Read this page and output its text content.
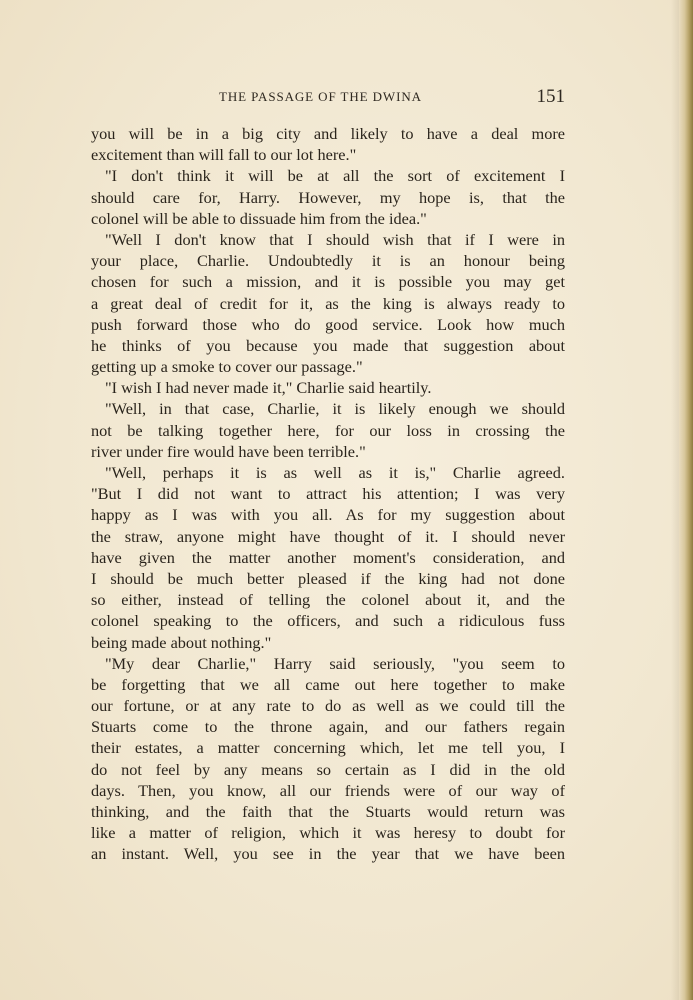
THE PASSAGE OF THE DWINA	151
you will be in a big city and likely to have a deal more
excitement than will fall to our lot here."
"I don't think it will be at all the sort of excitement I
should care for, Harry. However, my hope is, that the
colonel will be able to dissuade him from the idea."
"Well I don't know that I should wish that if I were in
your place, Charlie. Undoubtedly it is an honour being
chosen for such a mission, and it is possible you may get
a great deal of credit for it, as the king is always ready to
push forward those who do good service. Look how much
he thinks of you because you made that suggestion about
getting up a smoke to cover our passage."
"I wish I had never made it," Charlie said heartily.
"Well, in that case, Charlie, it is likely enough we should
not be talking together here, for our loss in crossing the
river under fire would have been terrible."
"Well, perhaps it is as well as it is," Charlie agreed.
"But I did not want to attract his attention; I was very
happy as I was with you all. As for my suggestion about
the straw, anyone might have thought of it. I should never
have given the matter another moment's consideration, and
I should be much better pleased if the king had not done
so either, instead of telling the colonel about it, and the
colonel speaking to the officers, and such a ridiculous fuss
being made about nothing."
"My dear Charlie," Harry said seriously, "you seem to
be forgetting that we all came out here together to make
our fortune, or at any rate to do as well as we could till the
Stuarts come to the throne again, and our fathers regain
their estates, a matter concerning which, let me tell you, I
do not feel by any means so certain as I did in the old
days. Then, you know, all our friends were of our way of
thinking, and the faith that the Stuarts would return was
like a matter of religion, which it was heresy to doubt for
an instant. Well, you see in the year that we have been
